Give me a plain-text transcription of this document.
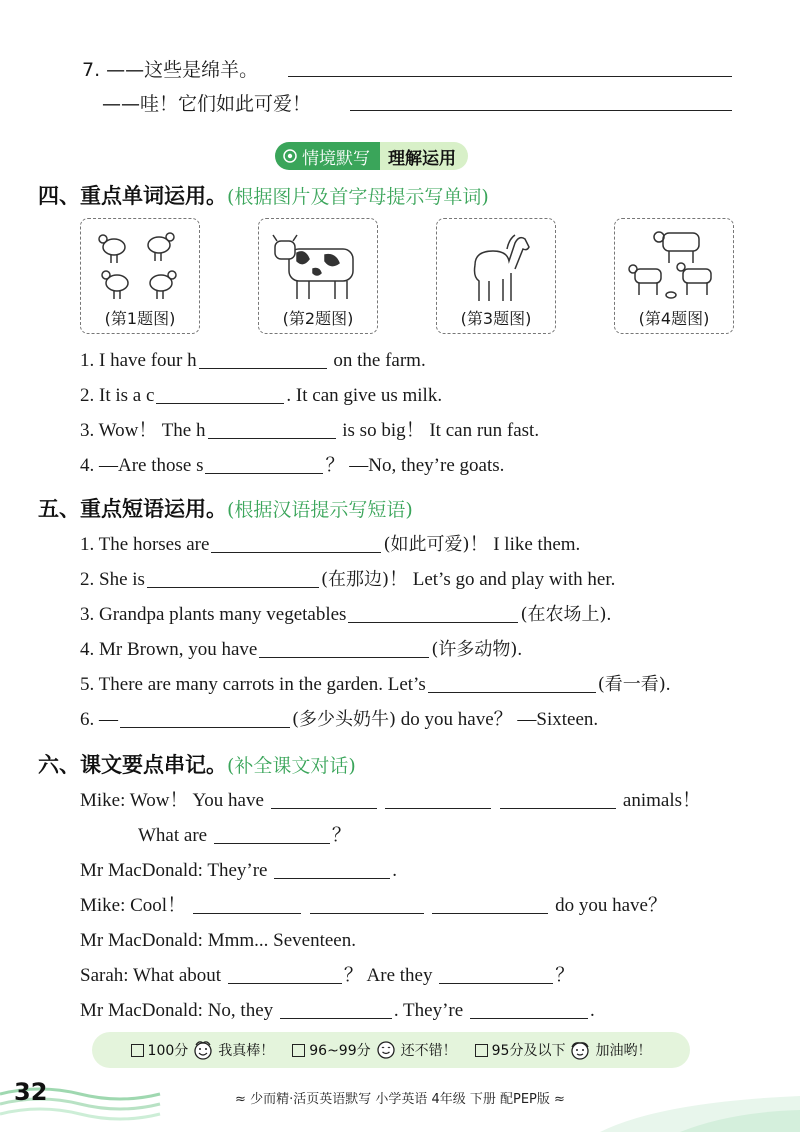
7. ——这些是绵羊。
——哇！它们如此可爱！
情境默写 理解运用
四、重点单词运用。(根据图片及首字母提示写单词)
(第1题图)	(第2题图)	(第3题图)	(第4题图)
1. I have four h	on the farm.
2. It is a c	. It can give us milk.
3. Wow！ The h	is so big！ It can run fast.
4. —Are those s	？ —No, they’re goats.
五、重点短语运用。(根据汉语提示写短语)
1. The horses are	(如此可爱)！ I like them.
2. She is	(在那边)！ Let’s go and play with her.
3. Grandpa plants many vegetables	(在农场上).
4. Mr Brown, you have	(许多动物).
5. There are many carrots in the garden. Let’s	(看一看).
6. —	(多少头奶牛) do you have？ —Sixteen.
六、课文要点串记。(补全课文对话)
Mike: Wow！ You have	animals！
What are	？
Mr MacDonald: They’re	.
Mike: Cool！	do you have？
Mr MacDonald: Mmm... Seventeen.
Sarah: What about	？ Are they	？
Mr MacDonald: No, they	. They’re	.
100分 我真棒！	96~99分 还不错！	95分及以下 加油哟！
32	≈ 少而精·活页英语默写 小学英语 4年级 下册 配PEP版 ≈
